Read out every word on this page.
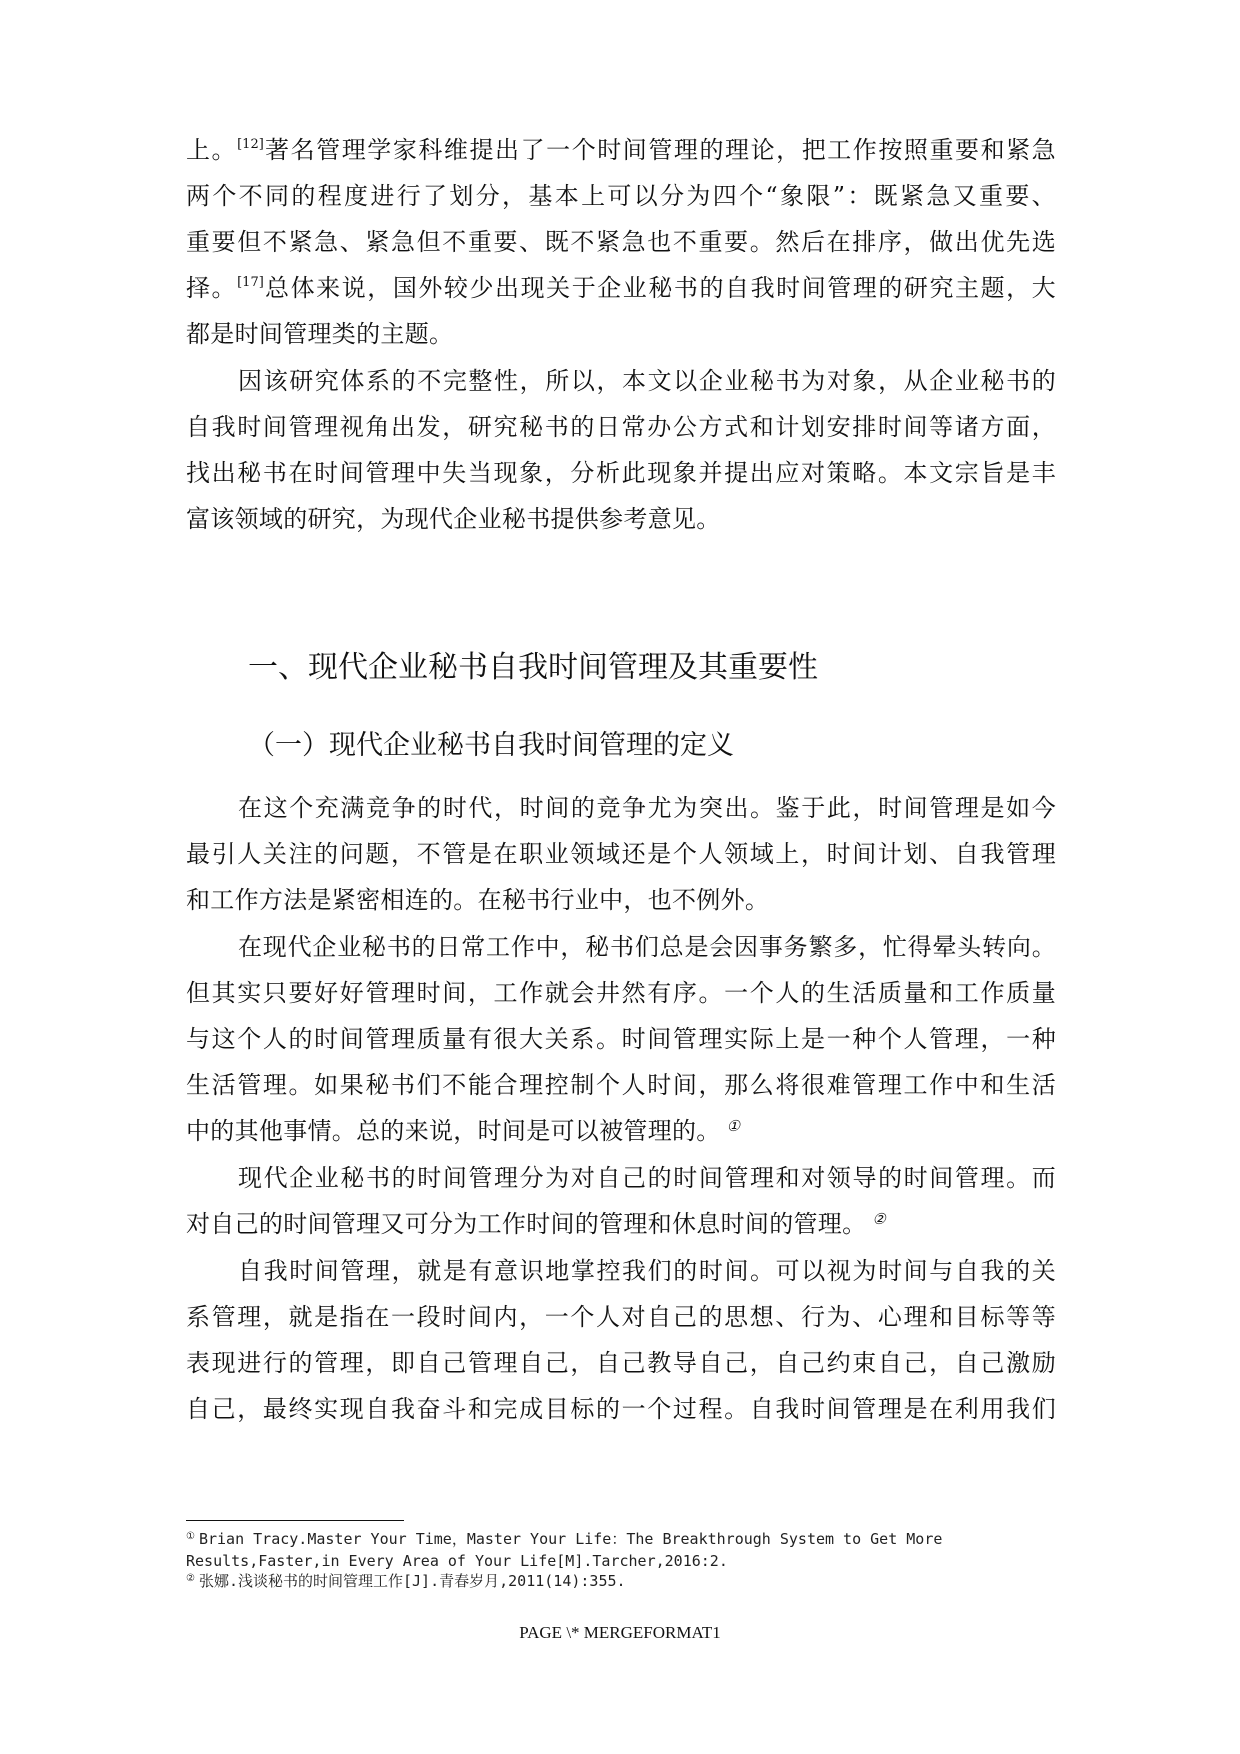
上。[12]著名管理学家科维提出了一个时间管理的理论，把工作按照重要和紧急
两个不同的程度进行了划分，基本上可以分为四个“象限”：既紧急又重要、
重要但不紧急、紧急但不重要、既不紧急也不重要。然后在排序，做出优先选
择。[17]总体来说，国外较少出现关于企业秘书的自我时间管理的研究主题，大
都是时间管理类的主题。
因该研究体系的不完整性，所以，本文以企业秘书为对象，从企业秘书的
自我时间管理视角出发，研究秘书的日常办公方式和计划安排时间等诸方面，
找出秘书在时间管理中失当现象，分析此现象并提出应对策略。本文宗旨是丰
富该领域的研究，为现代企业秘书提供参考意见。
一、现代企业秘书自我时间管理及其重要性
（一）现代企业秘书自我时间管理的定义
在这个充满竞争的时代，时间的竞争尤为突出。鉴于此，时间管理是如今
最引人关注的问题，不管是在职业领域还是个人领域上，时间计划、自我管理
和工作方法是紧密相连的。在秘书行业中，也不例外。
在现代企业秘书的日常工作中，秘书们总是会因事务繁多，忙得晕头转向。
但其实只要好好管理时间，工作就会井然有序。一个人的生活质量和工作质量
与这个人的时间管理质量有很大关系。时间管理实际上是一种个人管理，一种
生活管理。如果秘书们不能合理控制个人时间，那么将很难管理工作中和生活
中的其他事情。总的来说，时间是可以被管理的。 ①
现代企业秘书的时间管理分为对自己的时间管理和对领导的时间管理。而
对自己的时间管理又可分为工作时间的管理和休息时间的管理。 ②
自我时间管理，就是有意识地掌控我们的时间。可以视为时间与自我的关
系管理，就是指在一段时间内，一个人对自己的思想、行为、心理和目标等等
表现进行的管理，即自己管理自己，自己教导自己，自己约束自己，自己激励
自己，最终实现自我奋斗和完成目标的一个过程。自我时间管理是在利用我们
① Brian Tracy.Master Your Time，Master Your Life：The Breakthrough System to Get More
Results,Faster,in Every Area of Your Life[M].Tarcher,2016:2.
② 张娜.浅谈秘书的时间管理工作[J].青春岁月,2011(14):355.
PAGE \* MERGEFORMAT1
